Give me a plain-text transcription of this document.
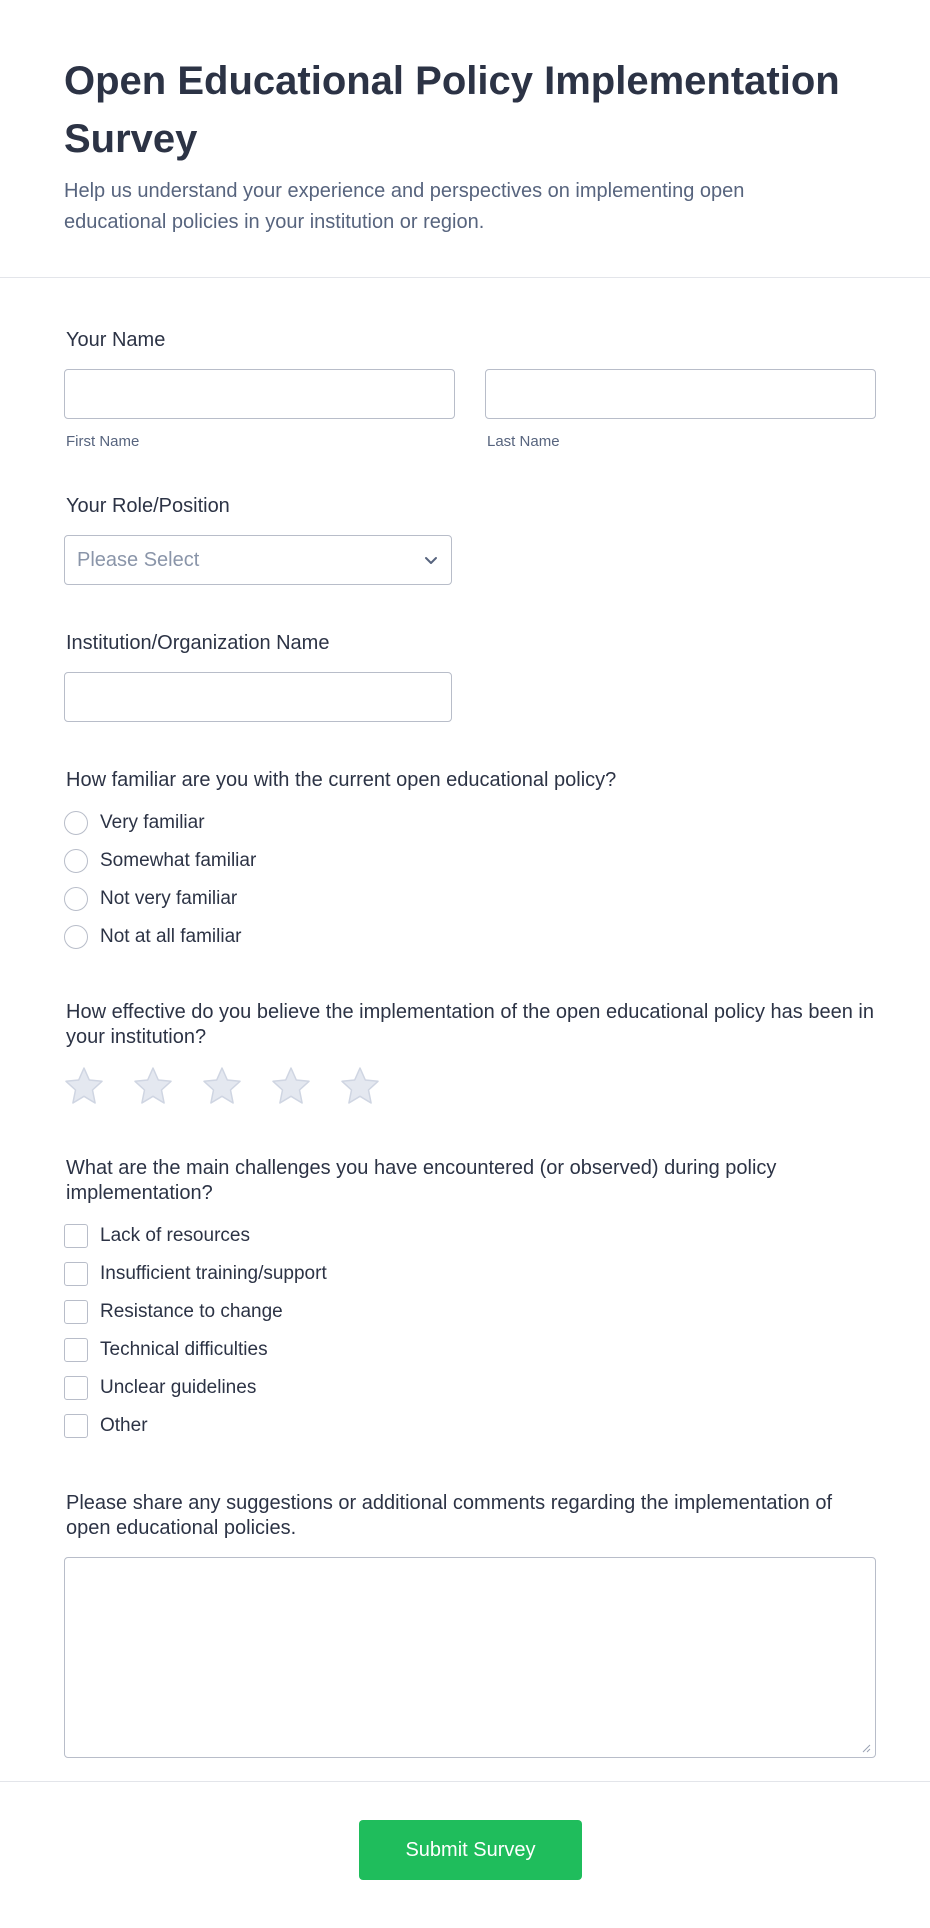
Open Educational Policy Implementation Survey

Help us understand your experience and perspectives on implementing open educational policies in your institution or region.

Your Name
First Name	Last Name
Your Role/Position
Please Select
Institution/Organization Name
How familiar are you with the current open educational policy?
Very familiar
Somewhat familiar
Not very familiar
Not at all familiar
How effective do you believe the implementation of the open educational policy has been in your institution?
What are the main challenges you have encountered (or observed) during policy implementation?
Lack of resources
Insufficient training/support
Resistance to change
Technical difficulties
Unclear guidelines
Other
Please share any suggestions or additional comments regarding the implementation of open educational policies.
Submit Survey
